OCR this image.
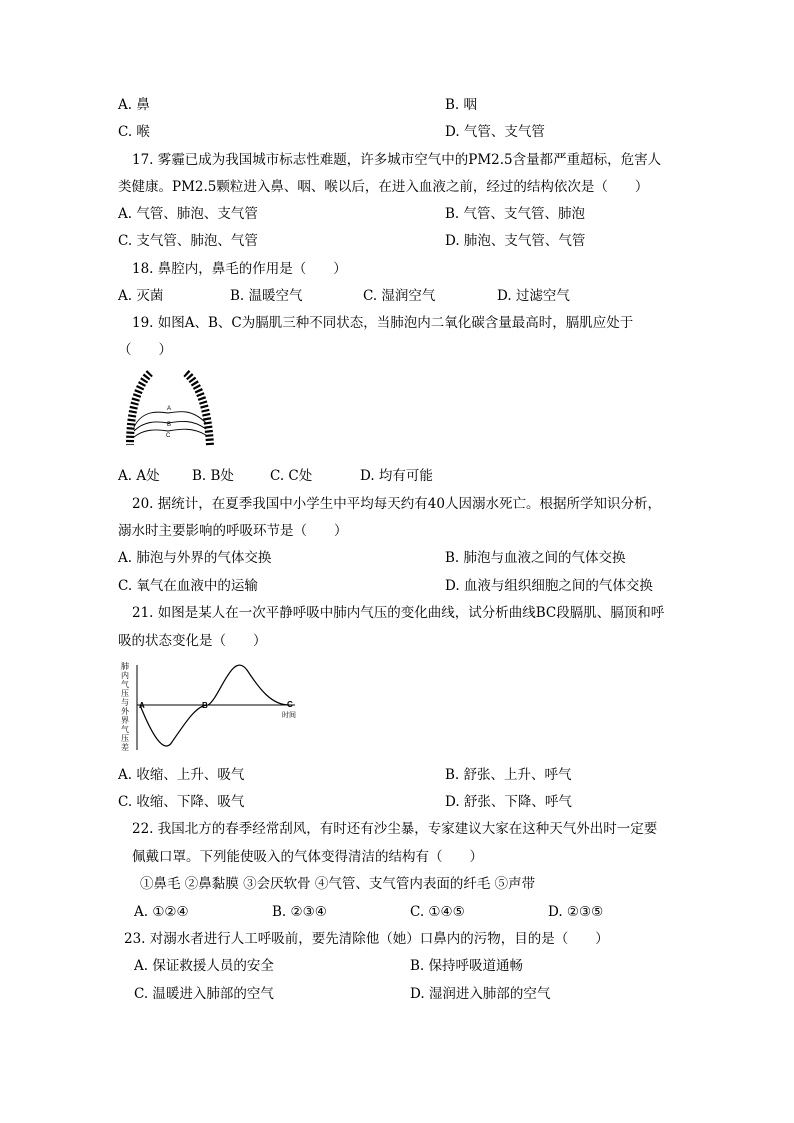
A. 鼻	B. 咽
C. 喉	D. 气管、支气管
17. 雾霾已成为我国城市标志性难题，许多城市空气中的PM2.5含量都严重超标，危害人
类健康。PM2.5颗粒进入鼻、咽、喉以后，在进入血液之前，经过的结构依次是（　　）
A. 气管、肺泡、支气管	B. 气管、支气管、肺泡
C. 支气管、肺泡、气管	D. 肺泡、支气管、气管
18. 鼻腔内，鼻毛的作用是（　　）
A. 灭菌	B. 温暖空气	C. 湿润空气	D. 过滤空气
19. 如图A、B、C为膈肌三种不同状态，当肺泡内二氧化碳含量最高时，膈肌应处于
（　　）
A
B
C
A. A处 B. B处	C. C处	D. 均有可能
20. 据统计，在夏季我国中小学生中平均每天约有40人因溺水死亡。根据所学知识分析，
溺水时主要影响的呼吸环节是（　　）
A. 肺泡与外界的气体交换	B. 肺泡与血液之间的气体交换
C. 氧气在血液中的运输	D. 血液与组织细胞之间的气体交换
21. 如图是某人在一次平静呼吸中肺内气压的变化曲线，试分析曲线BC段膈肌、膈顶和呼
吸的状态变化是（　　）
肺内气压与外界气压差
A	B	C
时间
A. 收缩、上升、吸气	B. 舒张、上升、呼气
C. 收缩、下降、吸气	D. 舒张、下降、呼气
22. 我国北方的春季经常刮风，有时还有沙尘暴，专家建议大家在这种天气外出时一定要
佩戴口罩。下列能使吸入的气体变得清洁的结构有（　　）
①鼻毛 ②鼻黏膜 ③会厌软骨 ④气管、支气管内表面的纤毛 ⑤声带
A. ①②④	B. ②③④	C. ①④⑤	D. ②③⑤
23. 对溺水者进行人工呼吸前，要先清除他（她）口鼻内的污物，目的是（　　）
A. 保证救援人员的安全	B. 保持呼吸道通畅
C. 温暖进入肺部的空气	D. 湿润进入肺部的空气
